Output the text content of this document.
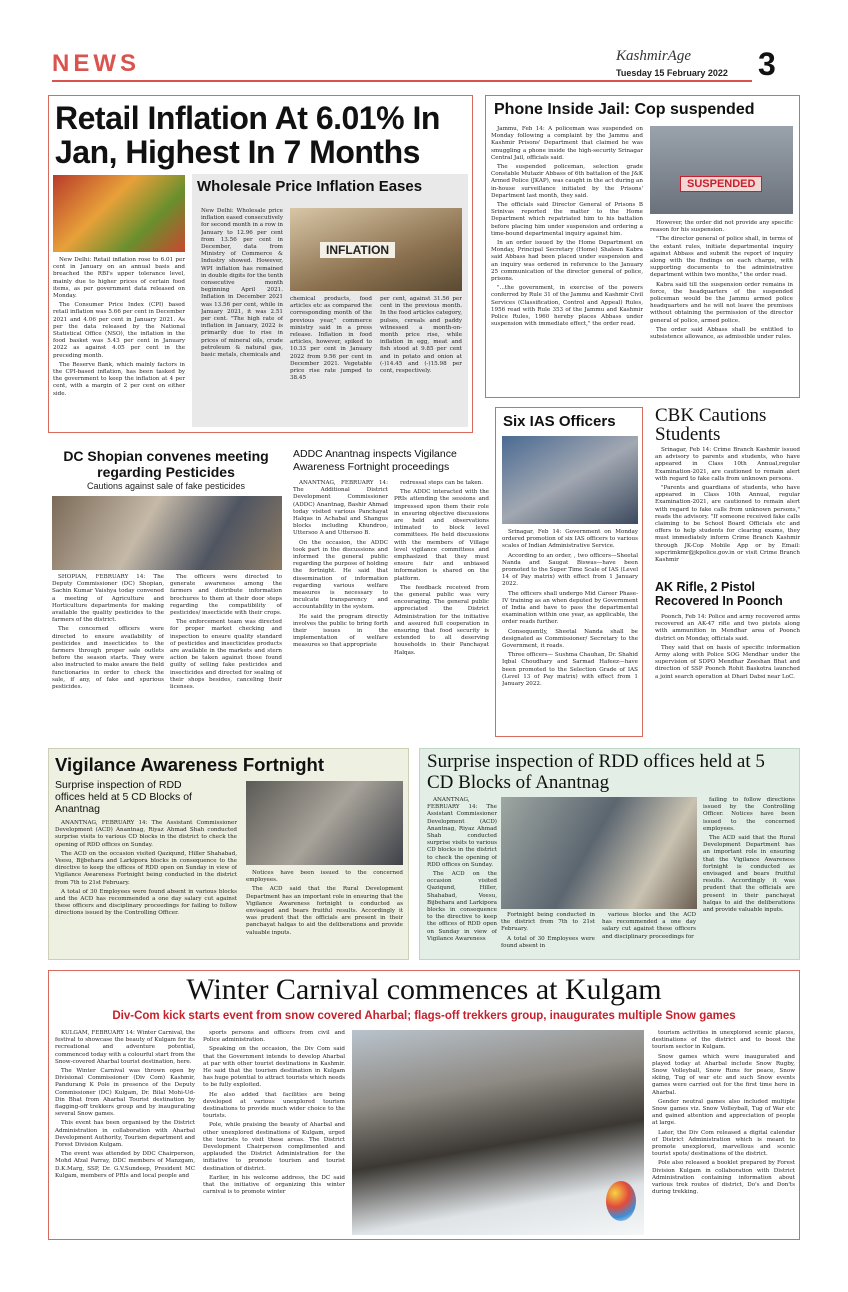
NEWS	KashmirAge
Tuesday 15 February 2022 3
Retail Inflation At 6.01% In Jan, Highest In 7 Months

New Delhi: Retail inflation rose to 6.01 per cent in January on an annual basis and breached the RBI's upper tolerance level, mainly due to higher prices of certain food items, as per government data released on Monday.

The Consumer Price Index (CPI) based retail inflation was 5.66 per cent in December 2021 and 4.06 per cent in January 2021. As per the data released by the National Statistical Office (NSO), the inflation in the food basket was 5.43 per cent in January 2022 as against 4.05 per cent in the preceding month.

The Reserve Bank, which mainly factors in the CPI-based inflation, has been tasked by the government to keep the inflation at 4 per cent, with a margin of 2 per cent on either side.

Wholesale Price Inflation Eases
New Delhi: Wholesale price inflation eased consecutively for second month in a row in January to 12.96 per cent from 13.56 per cent in December, data from Ministry of Commerce & Industry showed. However, WPI inflation has remained in double digits for the tenth consecutive month beginning April 2021. Inflation in December 2021 was 13.56 per cent, while in January 2021, it was 2.51 per cent. "The high rate of inflation in January, 2022 is primarily due to rise in prices of mineral oils, crude petroleum & natural gas, basic metals, chemicals and
INFLATION
chemical products, food articles etc as compared the corresponding month of the previous year," commerce ministry said in a press release. Inflation in food articles, however, spiked to 10.33 per cent in January 2022 from 9.56 per cent in December 2021. Vegetable price rise rate jumped to 38.45
per cent, against 31.56 per cent in the previous month. In the food articles category, pulses, cereals and paddy witnessed a month-on-month price rise, while inflation in egg, meat and fish stood at 9.85 per cent and in potato and onion at (-)14.45 and (-)15.98 per cent, respectively.
Phone Inside Jail: Cop suspended

Jammu, Feb 14: A policeman was suspended on Monday following a complaint by the Jammu and Kashmir Prisons' Department that claimed he was smuggling a phone inside the high-security Srinagar Central Jail, officials said.

The suspended policeman, selection grade Constable Mutazir Abbass of 6th battalion of the J&K Armed Police (JKAP), was caught in the act during an in-house surveillance initiated by the Prisons' Department last month, they said.

The officials said Director General of Prisons B Srinivas reported the matter to the Home Department which repatriated him to his battalion before placing him under suspension and ordering a time-bound departmental inquiry against him.

In an order issued by the Home Department on Monday, Principal Secretary (Home) Shaleen Kabra said Abbass had been placed under suspension and an inquiry was ordered in reference to the January 25 communication of the director general of police, prisons.

"...the government, in exercise of the powers conferred by Rule 31 of the Jammu and Kashmir Civil Services (Classification, Control and Appeal) Rules, 1956 read with Rule 353 of the Jammu and Kashmir Police Rules, 1960 hereby places Abbass under suspension with immediate effect," the order read.

SUSPENDED

However, the order did not provide any specific reason for his suspension.

"The director general of police shall, in terms of the extant rules, initiate departmental inquiry against Abbass and submit the report of inquiry along with the findings on each charge, with supporting documents to the administrative department within two months," the order read.

Kabra said till the suspension order remains in force, the headquarters of the suspended policeman would be the Jammu armed police headquarters and he will not leave the premises without obtaining the permission of the director general of police, armed police.

The order said Abbass shall be entitled to subsistence allowance, as admissible under rules.

Six IAS Officers

Srinagar, Feb 14: Government on Monday ordered promotion of six IAS officers to various scales of Indian Administrative Service.

According to an order, , two officers—Sheetal Nanda and Saugat Biswas—have been promoted to the Super Time Scale of IAS (Level 14 of Pay matrix) with effect from 1 January 2022.

The officers shall undergo Mid Career Phase-IV training as an when deputed by Government of India and have to pass the departmental examination within one year, as applicable, the order reads further.

Consequently, Sheetal Nanda shall be designated as Commissioner/ Secretary to the Government, it reads.

Three officers— Sushma Chauhan, Dr. Shahid Iqbal Choudhary and Sarmad Hafeez—have been promoted to the Selection Grade of IAS (Level 13 of Pay matrix) with effect from 1 January 2022.

CBK Cautions Students

Srinagar, Feb 14: Crime Branch Kashmir issued an advisory to parents and students, who have appeared in Class 10th Annual,regular Examination-2021, are cautioned to remain alert with regard to fake calls from unknown persons.

"Parents and guardians of students, who have appeared in Class 10th Annual, regular Examination-2021, are cautioned to remain alert with regard to fake calls from unknown persons," reads the advisory. "If someone received fake calls claiming to be School Board Officials etc and offers to help students for clearing exams, they must immediately inform Crime Branch Kashmir through JK-Cop Mobile App or by Email: sspcrimkmr@jkpolice.gov.in or visit Crime Branch Kashmir

AK Rifle, 2 Pistol Recovered In Poonch

Poonch, Feb 14: Police and army recovered arms recovered an AK-47 rifle and two pistols along with ammunition in Mendhar area of Poonch district on Monday, officials said.

They said that on basis of specific information Army along with Police SOG Mendhar under the supervision of SDPO Mendhar Zeeshan Bhat and direction of SSP Poonch Rohit Baskotra launched a joint search operation at Dhari Dabsi near LoC.

DC Shopian convenes meeting regarding Pesticides
Cautions against sale of fake pesticides

SHOPIAN, FEBRUARY 14: The Deputy Commissioner (DC) Shopian, Sachin Kumar Vaishya today convened a meeting of Agriculture and Horticulture departments for making available the quality pesticides to the farmers of the district.

The concerned officers were directed to ensure availability of pesticides and insecticides to the farmers through proper sale outlets before the season starts. They were also instructed to make aware the field functionaries in order to check the sale, if any, of fake and spurious pesticides.

The officers were directed to generate awareness among the farmers and distribute information brochures to them at their door steps regarding the compatibility of pesticides/ insecticide with their crops.

The enforcement team was directed for proper market checking and inspection to ensure quality standard of pesticides and insecticides products are available in the markets and stern action be taken against those found guilty of selling fake pesticides and insecticides and directed for sealing of their shops besides, canceling their licenses.

ADDC Anantnag inspects Vigilance Awareness Fortnight proceedings

ANANTNAG, FEBRUARY 14: The Additional District Development Commissioner (ADDC) Anantnag, Bashir Ahmad today visited various Panchayat Halqas in Achabal and Shangus blocks including Khundroo, Uttersoo A and Uttersoo B.

On the occasion, the ADDC took part in the discussions and informed the general public regarding the purpose of holding the fortnight. He said that dissemination of information regarding various welfare measures is necessary to inculcate transparency and accountability in the system.

He said the program directly involves the public to bring forth their issues in the implementation of welfare measures so that appropriate

redressal steps can be taken.

The ADDC interacted with the PRIs attending the sessions and impressed upon them their role in ensuring objective discussions are held and observations intimated to block level committees. He held discussions with the members of Village level vigilance committees and emphasized that they must ensure fair and unbiased information is shared on the platform.

The feedback received from the general public was very encouraging. The general public appreciated the District Administration for the initiative and assured full cooperation in ensuring that food security is extended to all deserving households in their Panchayat Halqas.

Vigilance Awareness Fortnight
Surprise inspection of RDD offices held at 5 CD Blocks of Anantnag

ANANTNAG, FEBRUARY 14: The Assistant Commissioner Development (ACD) Anantnag, Riyaz Ahmad Shah conducted surprise visits to various CD blocks in the district to check the opening of RDD offices on Sunday.

The ACD on the occasion visited Qaziqund, Hiller Shahabad, Veesu, Bijbehara and Larkipora blocks in consequence to the directive to keep the offices of RDD open on Sunday in view of Vigilance Awareness Fortnight being conducted in the district from 7th to 21st February.

A total of 30 Employees were found absent in various blocks and the ACD has recommended a one day salary cut against these officers and disciplinary proceedings for failing to follow directions issued by the Controlling Officer.

Notices have been issued to the concerned employees.

The ACD said that the Rural Development Department has an important role in ensuring that the Vigilance Awareness fortnight is conducted as envisaged and bears fruitful results. Accordingly it was prudent that the officials are present in their panchayat halqas to aid the deliberations and provide valuable inputs.

Surprise inspection of RDD offices held at 5 CD Blocks of Anantnag

ANANTNAG, FEBRUARY 14: The Assistant Commissioner Development (ACD) Anantnag, Riyaz Ahmad Shah conducted surprise visits to various CD blocks in the district to check the opening of RDD offices on Sunday.

The ACD on the occasion visited Qaziqund, Hiller, Shahabad, Veesu, Bijbehara and Larkipora blocks in consequence to the directive to keep the offices of RDD open on Sunday in view of Vigilance Awareness

Fortnight being conducted in the district from 7th to 21st February.

A total of 30 Employees were found absent in

various blocks and the ACD has recommended a one day salary cut against these officers and disciplinary proceedings for

failing to follow directions issued by the Controlling Officer. Notices have been issued to the concerned employees.

The ACD said that the Rural Development Department has an important role in ensuring that the Vigilance Awareness fortnight is conducted as envisaged and bears fruitful results. Accordingly it was prudent that the officials are present in their panchayat halqas to aid the deliberations and provide valuable inputs.

Winter Carnival commences at Kulgam
Div-Com kick starts event from snow covered Aharbal; flags-off trekkers group, inaugurates multiple Snow games

KULGAM, FEBRUARY 14: Winter Carnival, the festival to showcase the beauty of Kulgam for its recreational and adventure potential, commenced today with a colourful start from the Snow-covered Aharbal tourist destination, here.

The Winter Carnival was thrown open by Divisional Commissioner (Div Com) Kashmir, Pandurang K Pole in presence of the Deputy Commissioner (DC) Kulgam, Dr. Bilal Mohi-Ud-Din Bhat from Aharbal Tourist destination by flagging-off trekkers group and by inaugurating several Snow games.

This event has been organised by the District Administration in collaboration with Aharbal Development Authority, Tourism department and Forest Division Kulgam.

The event was attended by DDC Chairperson, Mohd Afzal Parray, DDC members of Manzgam, D.K.Marg, SSP, Dr. G.V.Sundeep, President MC Kulgam, members of PRIs and local people and

sports persons and officers from civil and Police administration.

Speaking on the occasion, the Div Com said that the Government intends to develop Aharbal at par with other tourist destinations in Kashmir. He said that the tourism destination in Kulgam has huge potential to attract tourists which needs to be fully exploited.

He also added that facilities are being developed at various unexplored tourism destinations to provide much wider choice to the tourists.

Pole, while praising the beauty of Aharbal and other unexplored destinations of Kulgam, urged the tourists to visit these areas. The District Development Chairperson complimented and applauded the District Administration for the initiative to promote tourism and tourist destination of district.

Earlier, in his welcome address, the DC said that the initiative of organizing this winter carnival is to promote winter

tourism activities in unexplored scenic places, destinations of the district and to boost the tourism sector in Kulgam.

Snow games which were inaugurated and played today at Aharbal include Snow Rugby, Snow Volleyball, Snow Runs for peace, Snow skiing, Tug of war etc and such Snow events games were carried out for the first time here in Aharbal.

Gender neutral games also included multiple Snow games viz. Snow Volleyball, Tug of War etc and gained attention and appreciation of people at large.

Later, the Div Com released a digital calendar of District Administration which is meant to promote unexplored, marvellous and scenic tourist spots/ destinations of the district.

Pole also released a booklet prepared by Forest Division Kulgam in collaboration with District Administration containing information about various trek routes of district, Do's and Don'ts during trekking.
